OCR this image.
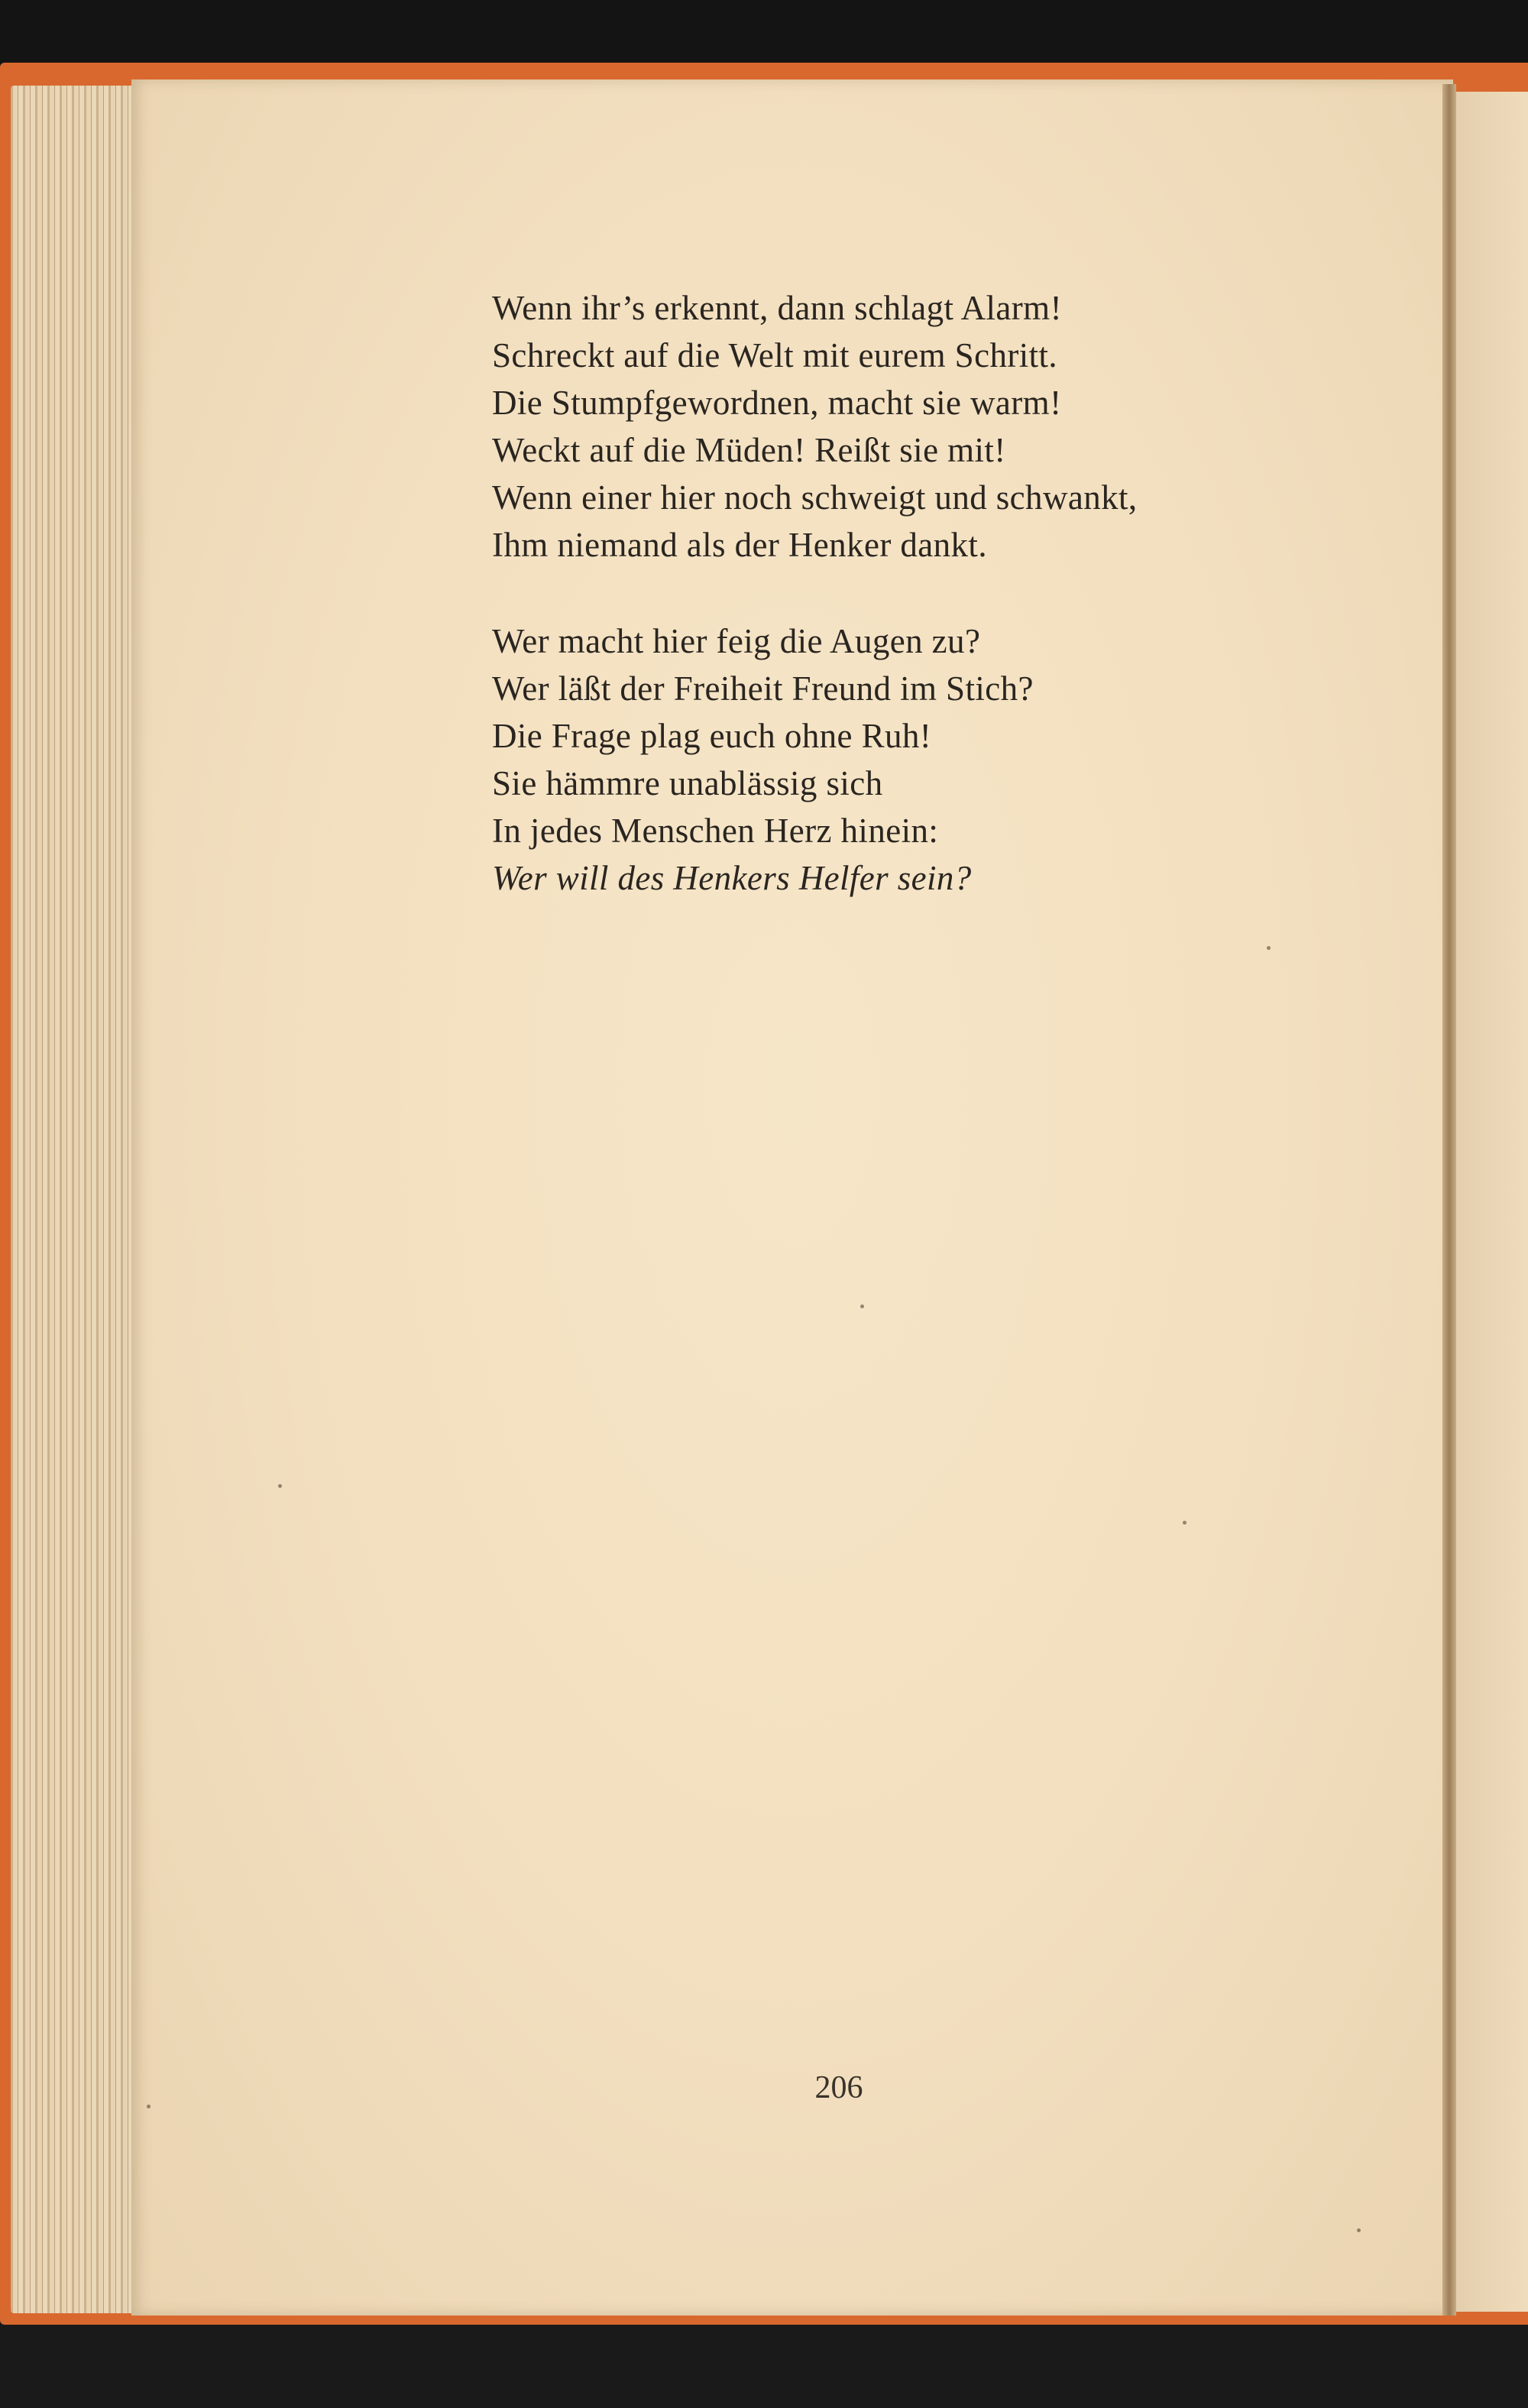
Wenn ihr’s erkennt, dann schlagt Alarm!
Schreckt auf die Welt mit eurem Schritt.
Die Stumpfgewordnen, macht sie warm!
Weckt auf die Müden! Reißt sie mit!
Wenn einer hier noch schweigt und schwankt,
Ihm niemand als der Henker dankt.
Wer macht hier feig die Augen zu?
Wer läßt der Freiheit Freund im Stich?
Die Frage plag euch ohne Ruh!
Sie hämmre unablässig sich
In jedes Menschen Herz hinein:
Wer will des Henkers Helfer sein?
206
